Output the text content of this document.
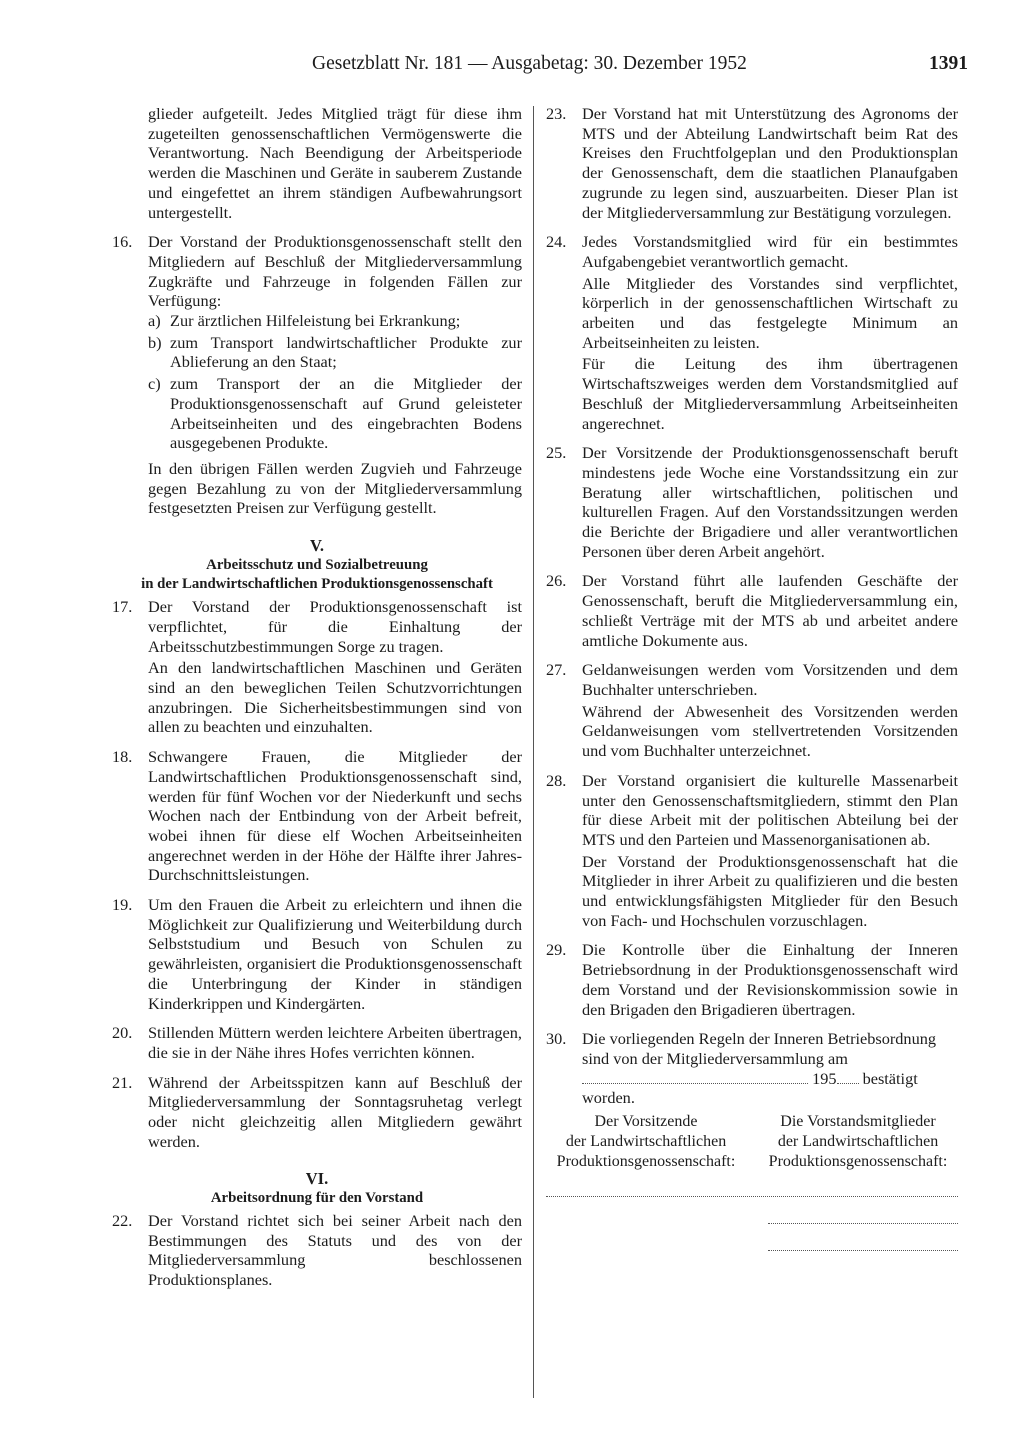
Gesetzblatt Nr. 181 — Ausgabetag: 30. Dezember 1952	1391

glieder aufgeteilt. Jedes Mitglied trägt für diese ihm zugeteilten genossenschaftlichen Vermögenswerte die Verantwortung. Nach Beendigung der Arbeitsperiode werden die Maschinen und Geräte in sauberem Zustande und eingefettet an ihrem ständigen Aufbewahrungsort untergestellt.

16. Der Vorstand der Produktionsgenossenschaft stellt den Mitgliedern auf Beschluß der Mitgliederversammlung Zugkräfte und Fahrzeuge in folgenden Fällen zur Verfügung:

a) Zur ärztlichen Hilfeleistung bei Erkrankung;

b) zum Transport landwirtschaftlicher Produkte zur Ablieferung an den Staat;

c) zum Transport der an die Mitglieder der Produktionsgenossenschaft auf Grund geleisteter Arbeitseinheiten und des eingebrachten Bodens ausgegebenen Produkte.

In den übrigen Fällen werden Zugvieh und Fahrzeuge gegen Bezahlung zu von der Mitgliederversammlung festgesetzten Preisen zur Verfügung gestellt.

V.
Arbeitsschutz und Sozialbetreuung
in der Landwirtschaftlichen Produktionsgenossenschaft
17. Der Vorstand der Produktionsgenossenschaft ist verpflichtet, für die Einhaltung der Arbeitsschutzbestimmungen Sorge zu tragen.

An den landwirtschaftlichen Maschinen und Geräten sind an den beweglichen Teilen Schutzvorrichtungen anzubringen. Die Sicherheitsbestimmungen sind von allen zu beachten und einzuhalten.

18. Schwangere Frauen, die Mitglieder der Landwirtschaftlichen Produktionsgenossenschaft sind, werden für fünf Wochen vor der Niederkunft und sechs Wochen nach der Entbindung von der Arbeit befreit, wobei ihnen für diese elf Wochen Arbeitseinheiten angerechnet werden in der Höhe der Hälfte ihrer Jahres-Durchschnittsleistungen.

19. Um den Frauen die Arbeit zu erleichtern und ihnen die Möglichkeit zur Qualifizierung und Weiterbildung durch Selbststudium und Besuch von Schulen zu gewährleisten, organisiert die Produktionsgenossenschaft die Unterbringung der Kinder in ständigen Kinderkrippen und Kindergärten.

20. Stillenden Müttern werden leichtere Arbeiten übertragen, die sie in der Nähe ihres Hofes verrichten können.

21. Während der Arbeitsspitzen kann auf Beschluß der Mitgliederversammlung der Sonntagsruhetag verlegt oder nicht gleichzeitig allen Mitgliedern gewährt werden.

VI.
Arbeitsordnung für den Vorstand
22. Der Vorstand richtet sich bei seiner Arbeit nach den Bestimmungen des Statuts und des von der Mitgliederversammlung beschlossenen Produktionsplanes.

23. Der Vorstand hat mit Unterstützung des Agronoms der MTS und der Abteilung Landwirtschaft beim Rat des Kreises den Fruchtfolgeplan und den Produktionsplan der Genossenschaft, dem die staatlichen Planaufgaben zugrunde zu legen sind, auszuarbeiten. Dieser Plan ist der Mitgliederversammlung zur Bestätigung vorzulegen.

24. Jedes Vorstandsmitglied wird für ein bestimmtes Aufgabengebiet verantwortlich gemacht.

Alle Mitglieder des Vorstandes sind verpflichtet, körperlich in der genossenschaftlichen Wirtschaft zu arbeiten und das festgelegte Minimum an Arbeitseinheiten zu leisten.

Für die Leitung des ihm übertragenen Wirtschaftszweiges werden dem Vorstandsmitglied auf Beschluß der Mitgliederversammlung Arbeitseinheiten angerechnet.

25. Der Vorsitzende der Produktionsgenossenschaft beruft mindestens jede Woche eine Vorstandssitzung ein zur Beratung aller wirtschaftlichen, politischen und kulturellen Fragen. Auf den Vorstandssitzungen werden die Berichte der Brigadiere und aller verantwortlichen Personen über deren Arbeit angehört.

26. Der Vorstand führt alle laufenden Geschäfte der Genossenschaft, beruft die Mitgliederversammlung ein, schließt Verträge mit der MTS ab und arbeitet andere amtliche Dokumente aus.

27. Geldanweisungen werden vom Vorsitzenden und dem Buchhalter unterschrieben.

Während der Abwesenheit des Vorsitzenden werden Geldanweisungen vom stellvertretenden Vorsitzenden und vom Buchhalter unterzeichnet.

28. Der Vorstand organisiert die kulturelle Massenarbeit unter den Genossenschaftsmitgliedern, stimmt den Plan für diese Arbeit mit der politischen Abteilung bei der MTS und den Parteien und Massenorganisationen ab.

Der Vorstand der Produktionsgenossenschaft hat die Mitglieder in ihrer Arbeit zu qualifizieren und die besten und entwicklungsfähigsten Mitglieder für den Besuch von Fach- und Hochschulen vorzuschlagen.

29. Die Kontrolle über die Einhaltung der Inneren Betriebsordnung in der Produktionsgenossenschaft wird dem Vorstand und der Revisionskommission sowie in den Brigaden den Brigadieren übertragen.

30. Die vorliegenden Regeln der Inneren Betriebsordnung sind von der Mitgliederversammlung am  195 bestätigt worden.

Der Vorsitzende
der Landwirtschaftlichen
Produktionsgenossenschaft:
Die Vorstandsmitglieder
der Landwirtschaftlichen
Produktionsgenossenschaft:
